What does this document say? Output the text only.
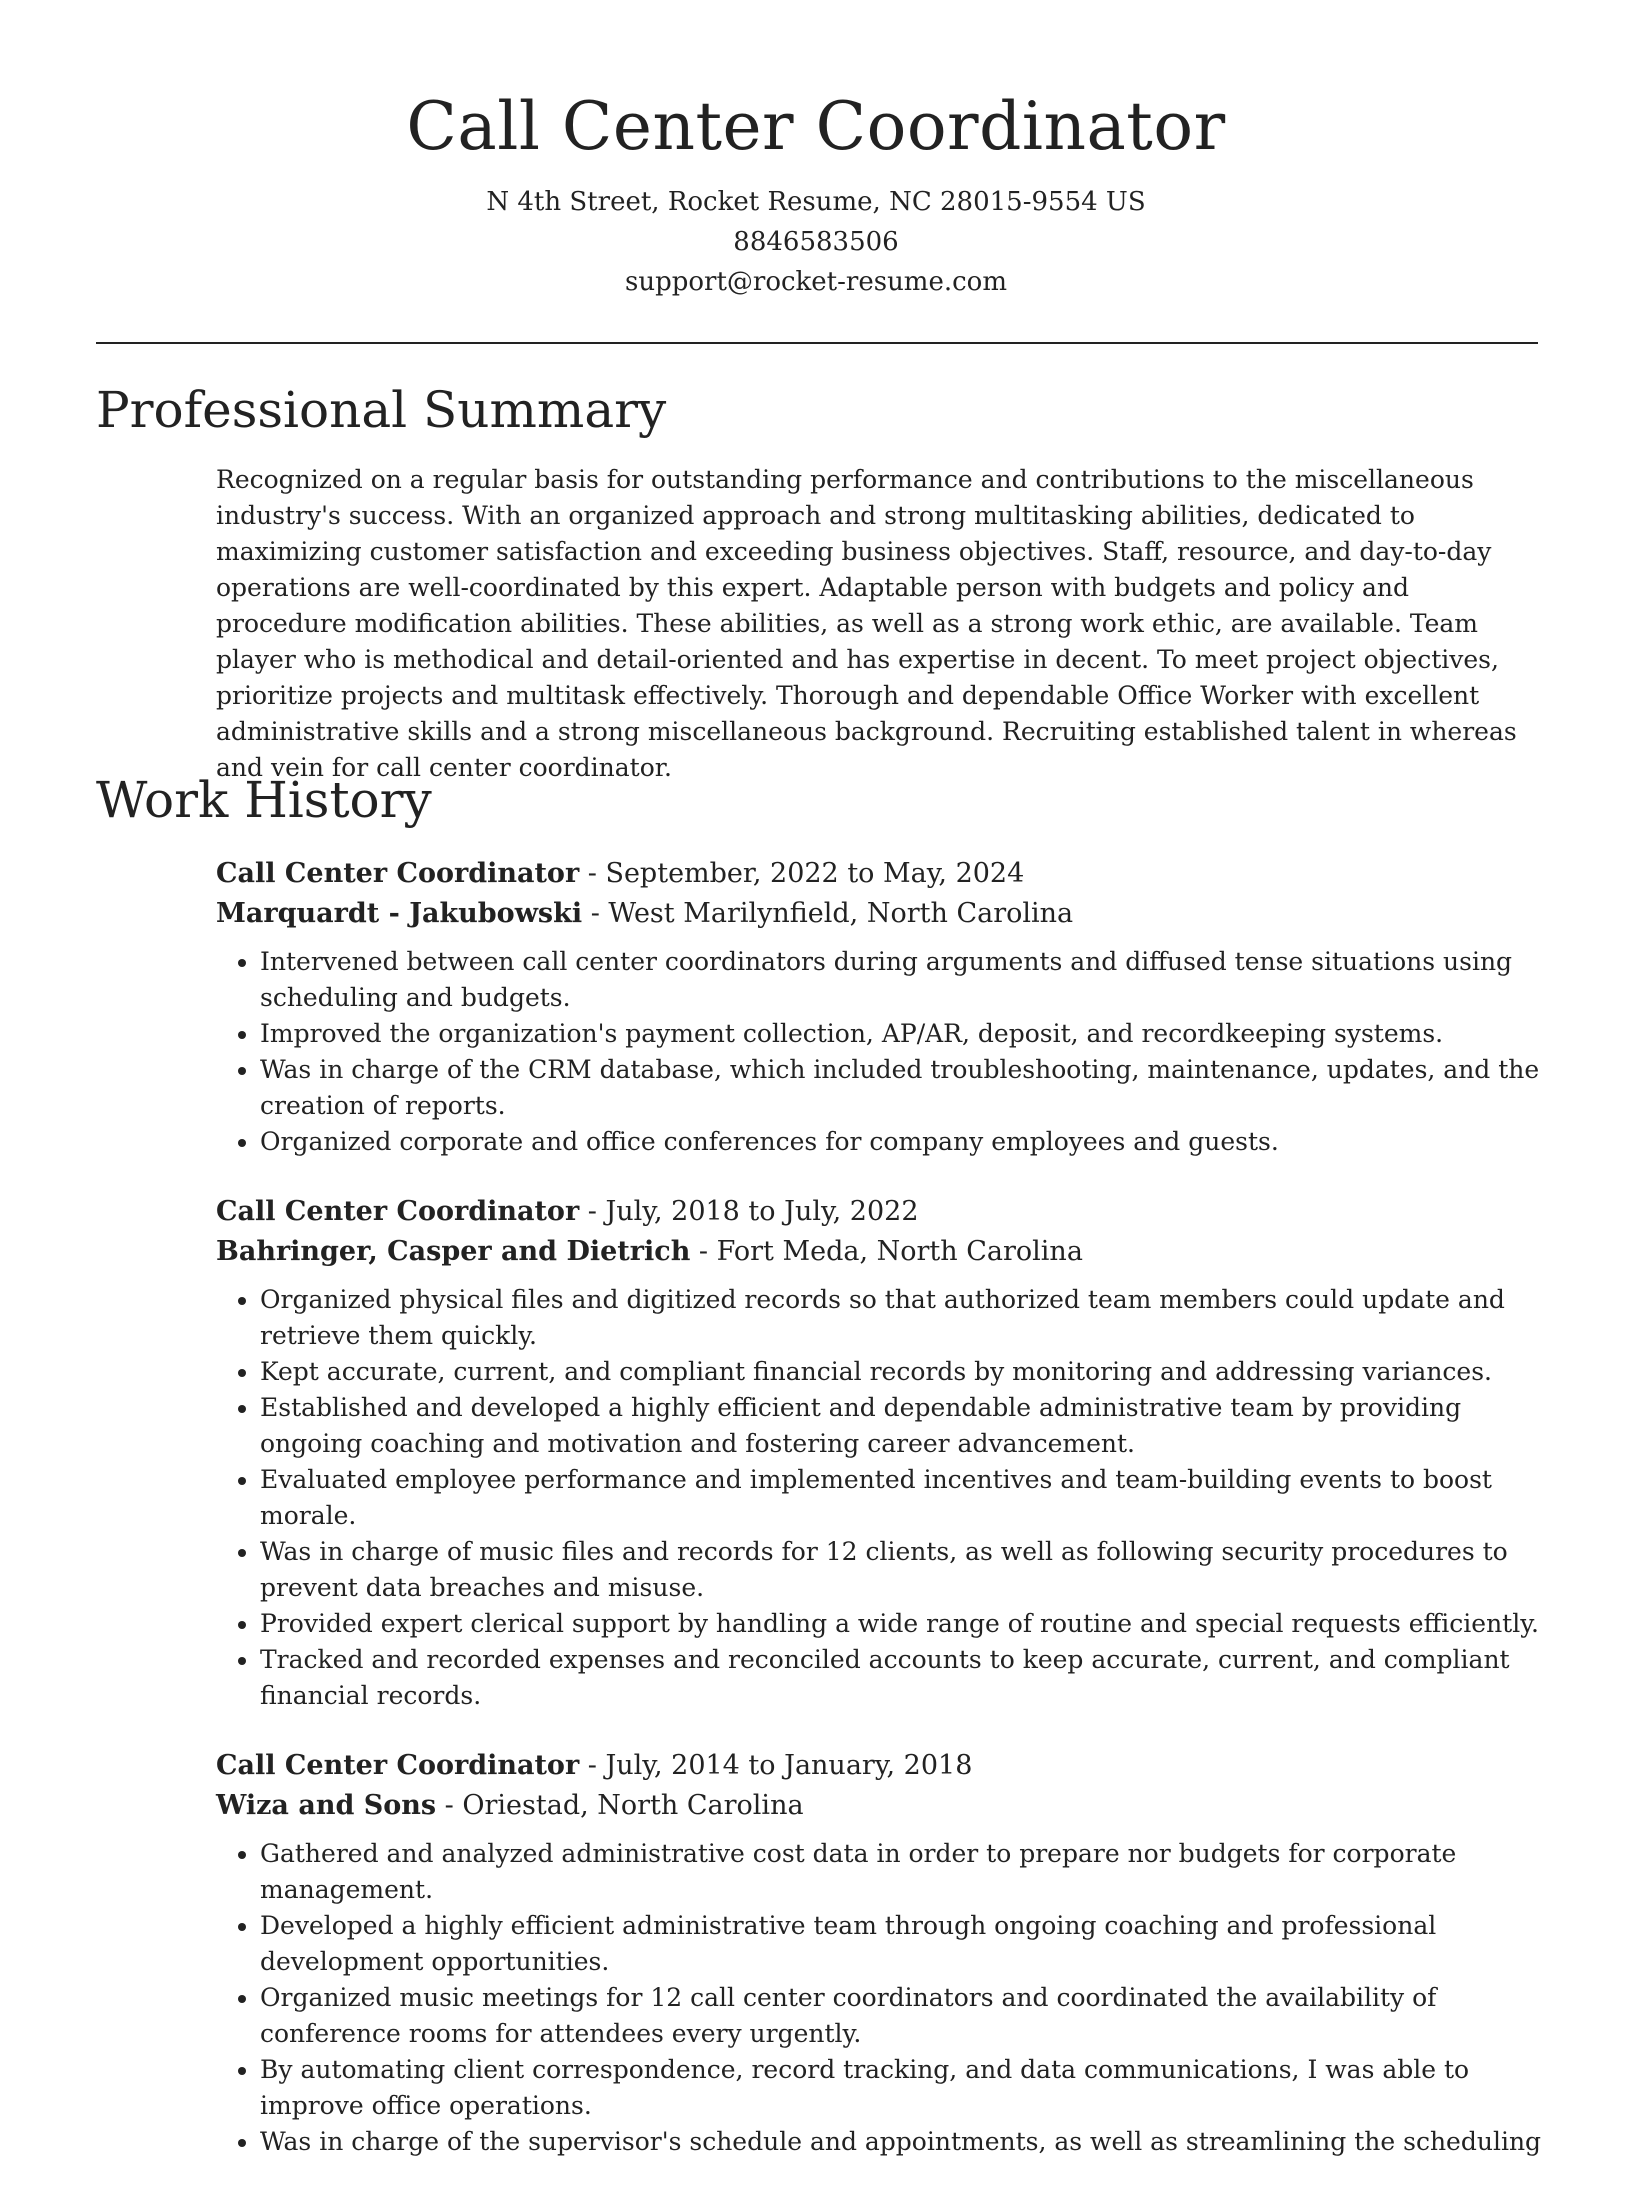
Call Center Coordinator

N 4th Street, Rocket Resume, NC 28015-9554 US

8846583506

support@rocket-resume.com

Professional Summary

Recognized on a regular basis for outstanding performance and contributions to the miscellaneous industry's success. With an organized approach and strong multitasking abilities, dedicated to maximizing customer satisfaction and exceeding business objectives. Staff, resource, and day-to-day operations are well-coordinated by this expert. Adaptable person with budgets and policy and procedure modification abilities. These abilities, as well as a strong work ethic, are available. Team player who is methodical and detail-oriented and has expertise in decent. To meet project objectives, prioritize projects and multitask effectively. Thorough and dependable Office Worker with excellent administrative skills and a strong miscellaneous background. Recruiting established talent in whereas and vein for call center coordinator.

Work History

Call Center Coordinator - September, 2022 to May, 2024

Marquardt - Jakubowski - West Marilynfield, North Carolina

• Intervened between call center coordinators during arguments and diffused tense situations using scheduling and budgets.
• Improved the organization's payment collection, AP/AR, deposit, and recordkeeping systems.
• Was in charge of the CRM database, which included troubleshooting, maintenance, updates, and the creation of reports.
• Organized corporate and office conferences for company employees and guests.

Call Center Coordinator - July, 2018 to July, 2022

Bahringer, Casper and Dietrich - Fort Meda, North Carolina

• Organized physical files and digitized records so that authorized team members could update and retrieve them quickly.
• Kept accurate, current, and compliant financial records by monitoring and addressing variances.
• Established and developed a highly efficient and dependable administrative team by providing ongoing coaching and motivation and fostering career advancement.
• Evaluated employee performance and implemented incentives and team-building events to boost morale.
• Was in charge of music files and records for 12 clients, as well as following security procedures to prevent data breaches and misuse.
• Provided expert clerical support by handling a wide range of routine and special requests efficiently.
• Tracked and recorded expenses and reconciled accounts to keep accurate, current, and compliant financial records.

Call Center Coordinator - July, 2014 to January, 2018

Wiza and Sons - Oriestad, North Carolina

• Gathered and analyzed administrative cost data in order to prepare nor budgets for corporate management.
• Developed a highly efficient administrative team through ongoing coaching and professional development opportunities.
• Organized music meetings for 12 call center coordinators and coordinated the availability of conference rooms for attendees every urgently.
• By automating client correspondence, record tracking, and data communications, I was able to improve office operations.
• Was in charge of the supervisor's schedule and appointments, as well as streamlining the scheduling
